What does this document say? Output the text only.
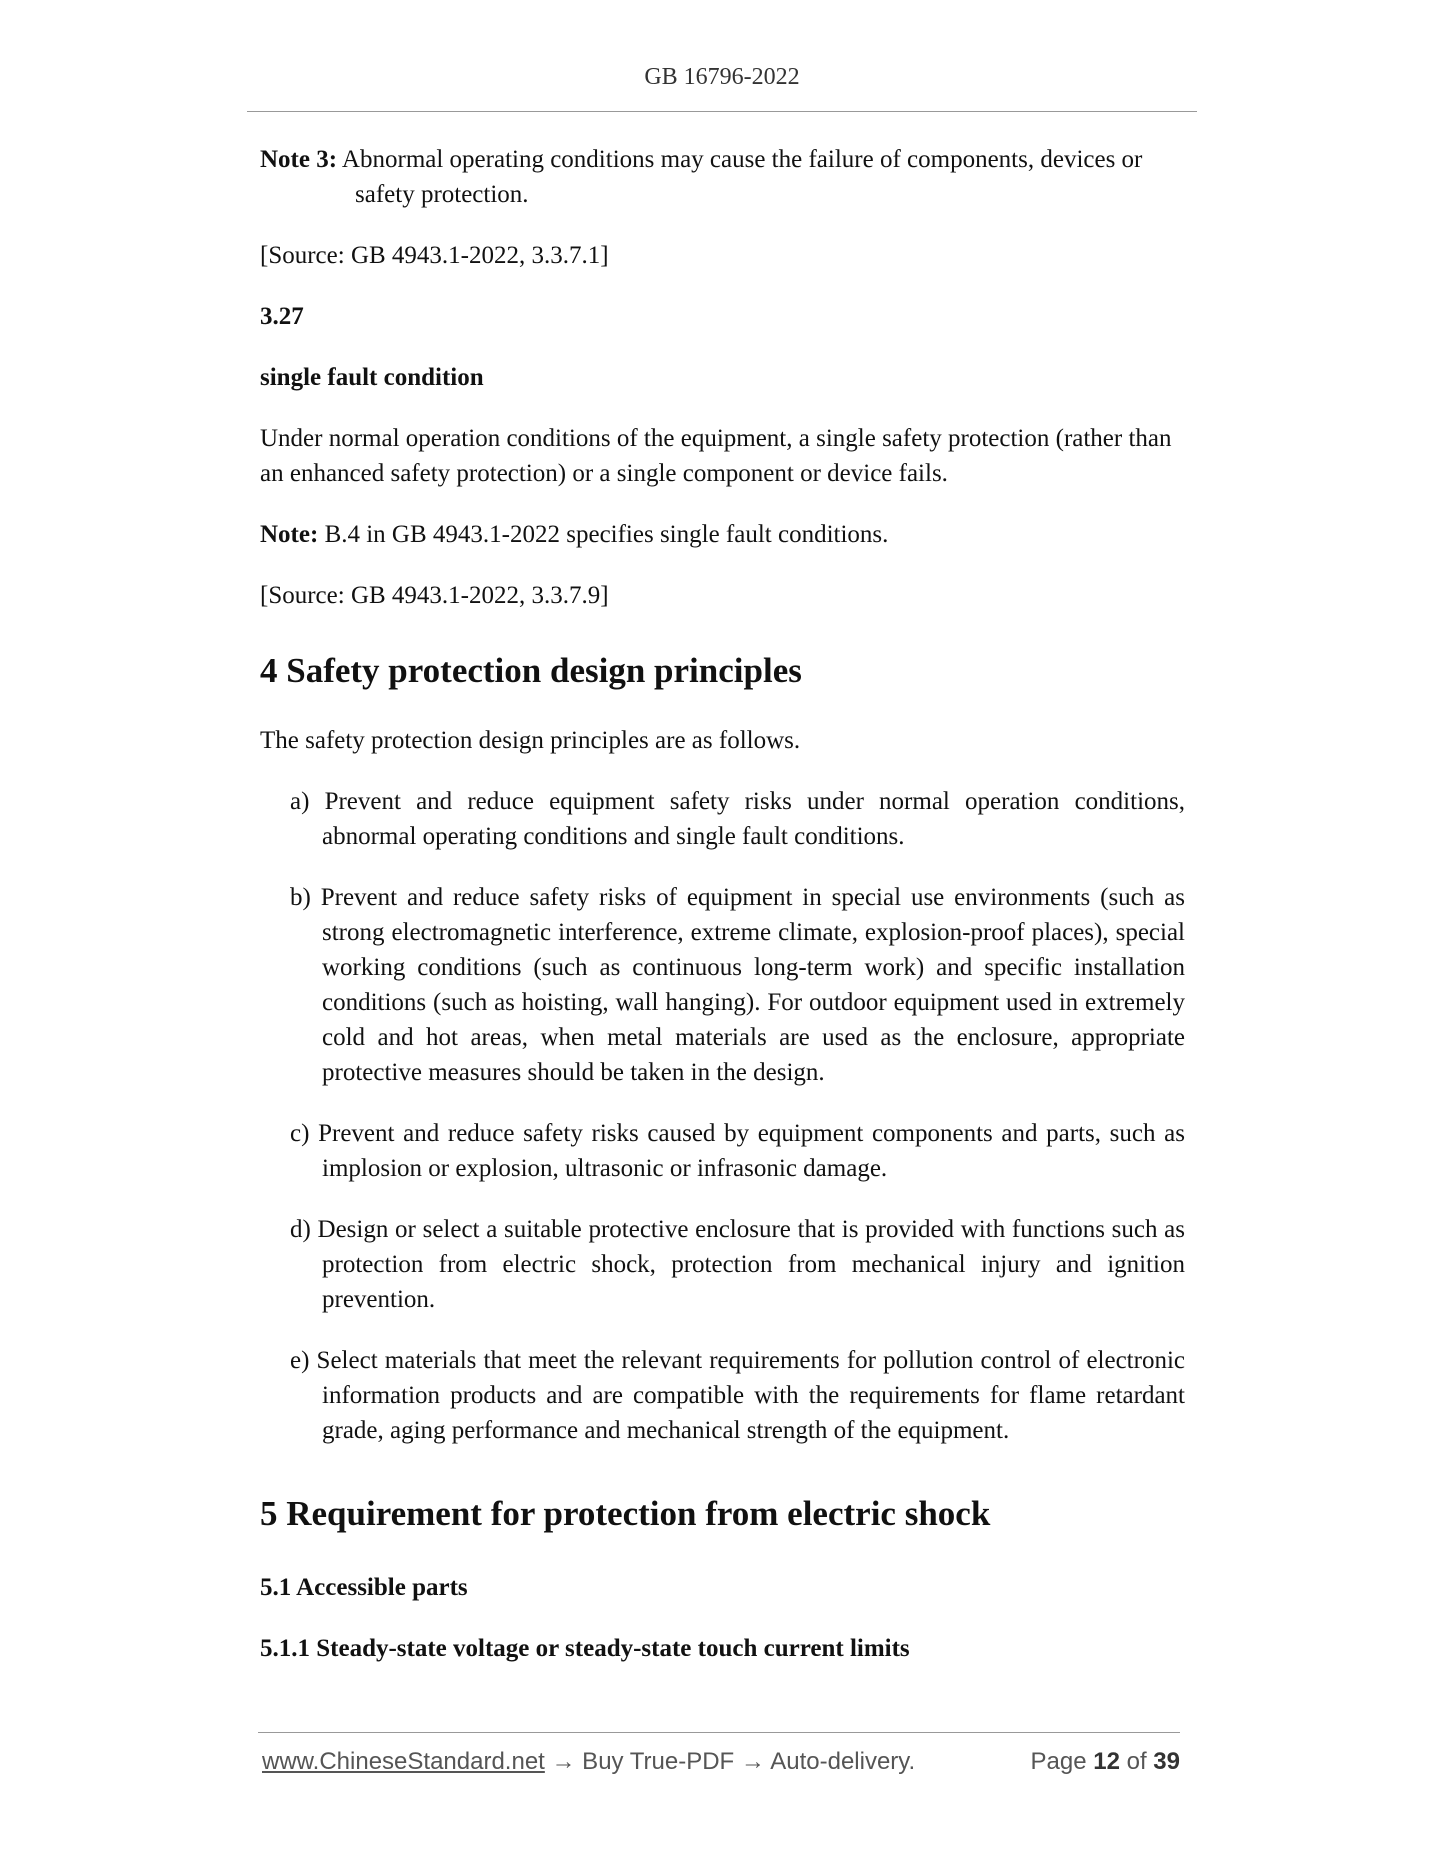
GB 16796-2022

Note 3: Abnormal operating conditions may cause the failure of components, devices or safety protection.

[Source: GB 4943.1-2022, 3.3.7.1]

3.27

single fault condition

Under normal operation conditions of the equipment, a single safety protection (rather than an enhanced safety protection) or a single component or device fails.

Note: B.4 in GB 4943.1-2022 specifies single fault conditions.

[Source: GB 4943.1-2022, 3.3.7.9]

4 Safety protection design principles

The safety protection design principles are as follows.

a) Prevent and reduce equipment safety risks under normal operation conditions, abnormal operating conditions and single fault conditions.
b) Prevent and reduce safety risks of equipment in special use environments (such as strong electromagnetic interference, extreme climate, explosion-proof places), special working conditions (such as continuous long-term work) and specific installation conditions (such as hoisting, wall hanging). For outdoor equipment used in extremely cold and hot areas, when metal materials are used as the enclosure, appropriate protective measures should be taken in the design.
c) Prevent and reduce safety risks caused by equipment components and parts, such as implosion or explosion, ultrasonic or infrasonic damage.
d) Design or select a suitable protective enclosure that is provided with functions such as protection from electric shock, protection from mechanical injury and ignition prevention.
e) Select materials that meet the relevant requirements for pollution control of electronic information products and are compatible with the requirements for flame retardant grade, aging performance and mechanical strength of the equipment.
5 Requirement for protection from electric shock
5.1 Accessible parts
5.1.1 Steady-state voltage or steady-state touch current limits
www.ChineseStandard.net → Buy True-PDF → Auto-delivery.	Page 12 of 39
